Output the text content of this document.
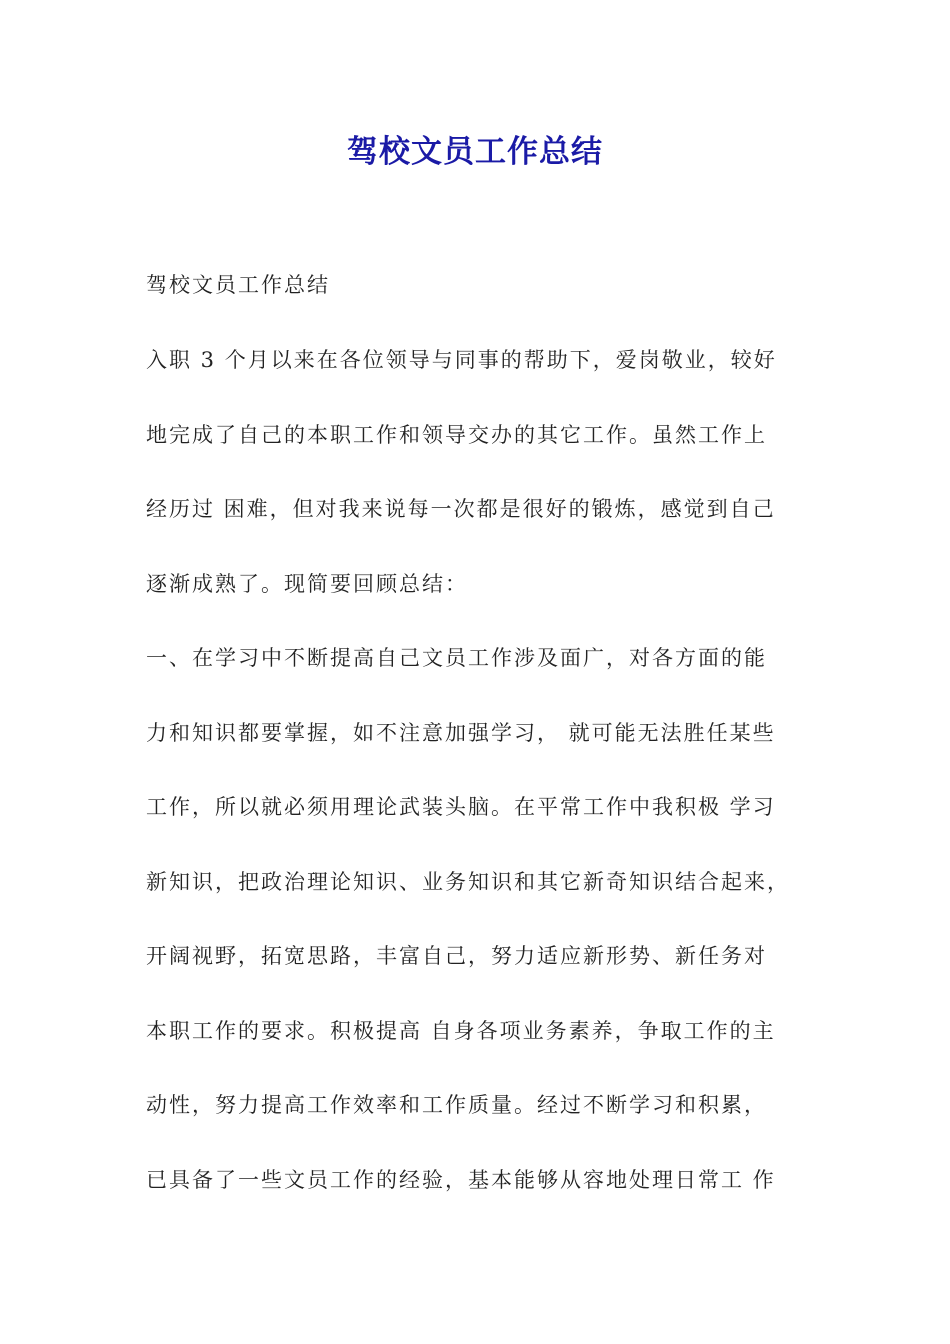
驾校文员工作总结
驾校文员工作总结
入职 3 个月以来在各位领导与同事的帮助下，爱岗敬业，较好
地完成了自己的本职工作和领导交办的其它工作。虽然工作上
经历过 困难，但对我来说每一次都是很好的锻炼，感觉到自己
逐渐成熟了。现简要回顾总结：
一、在学习中不断提高自己文员工作涉及面广，对各方面的能
力和知识都要掌握，如不注意加强学习， 就可能无法胜任某些
工作，所以就必须用理论武装头脑。在平常工作中我积极 学习
新知识，把政治理论知识、业务知识和其它新奇知识结合起来，
开阔视野，拓宽思路，丰富自己，努力适应新形势、新任务对
本职工作的要求。积极提高 自身各项业务素养，争取工作的主
动性，努力提高工作效率和工作质量。经过不断学习和积累，
已具备了一些文员工作的经验，基本能够从容地处理日常工 作
